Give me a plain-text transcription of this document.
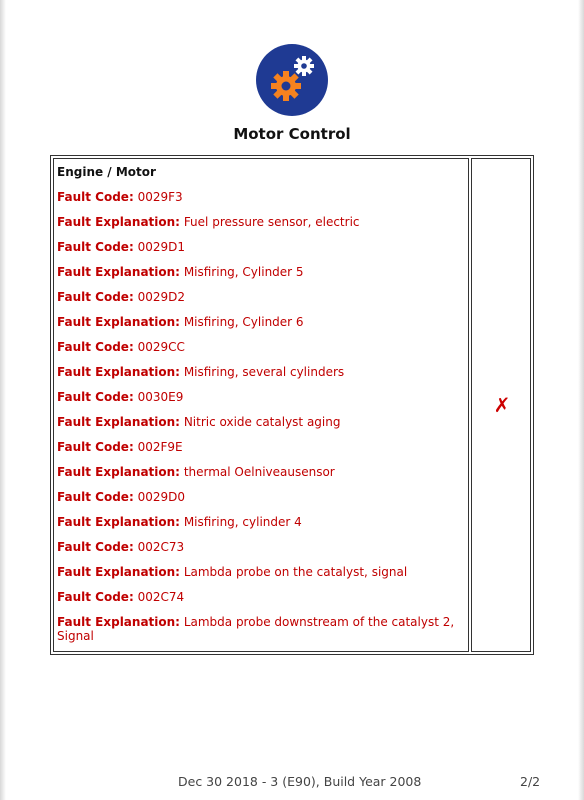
Motor Control
Engine / Motor
Fault Code: 0029F3
Fault Explanation: Fuel pressure sensor, electric
Fault Code: 0029D1
Fault Explanation: Misfiring, Cylinder 5
Fault Code: 0029D2
Fault Explanation: Misfiring, Cylinder 6
Fault Code: 0029CC
Fault Explanation: Misfiring, several cylinders
Fault Code: 0030E9
Fault Explanation: Nitric oxide catalyst aging
Fault Code: 002F9E
Fault Explanation: thermal Oelniveausensor
Fault Code: 0029D0
Fault Explanation: Misfiring, cylinder 4
Fault Code: 002C73
Fault Explanation: Lambda probe on the catalyst, signal
Fault Code: 002C74
Fault Explanation: Lambda probe downstream of the catalyst 2, Signal
✗
Dec 30 2018 - 3 (E90), Build Year 2008	2/2
